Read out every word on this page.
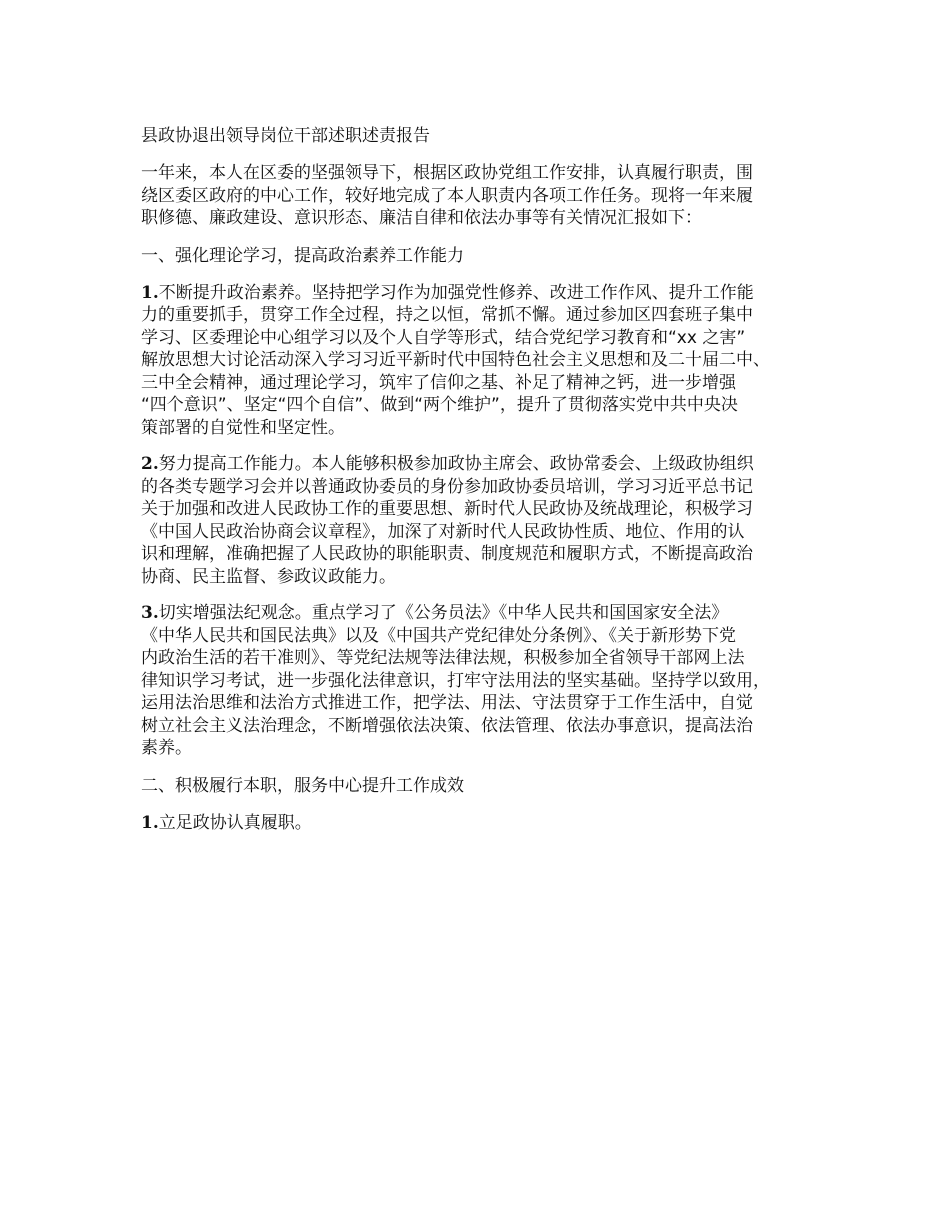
县政协退出领导岗位干部述职述责报告
一年来，本人在区委的坚强领导下，根据区政协党组工作安排，认真履行职责，围
绕区委区政府的中心工作，较好地完成了本人职责内各项工作任务。现将一年来履
职修德、廉政建设、意识形态、廉洁自律和依法办事等有关情况汇报如下：
一、强化理论学习，提高政治素养工作能力
1.不断提升政治素养。坚持把学习作为加强党性修养、改进工作作风、提升工作能
力的重要抓手，贯穿工作全过程，持之以恒，常抓不懈。通过参加区四套班子集中
学习、区委理论中心组学习以及个人自学等形式，结合党纪学习教育和“xx 之害”
解放思想大讨论活动深入学习习近平新时代中国特色社会主义思想和及二十届二中、
三中全会精神，通过理论学习，筑牢了信仰之基、补足了精神之钙，进一步增强
“四个意识”、坚定“四个自信”、做到“两个维护”，提升了贯彻落实党中共中央决
策部署的自觉性和坚定性。
2.努力提高工作能力。本人能够积极参加政协主席会、政协常委会、上级政协组织
的各类专题学习会并以普通政协委员的身份参加政协委员培训，学习习近平总书记
关于加强和改进人民政协工作的重要思想、新时代人民政协及统战理论，积极学习
《中国人民政治协商会议章程》，加深了对新时代人民政协性质、地位、作用的认
识和理解，准确把握了人民政协的职能职责、制度规范和履职方式，不断提高政治
协商、民主监督、参政议政能力。
3.切实增强法纪观念。重点学习了《公务员法》《中华人民共和国国家安全法》
《中华人民共和国民法典》以及《中国共产党纪律处分条例》、《关于新形势下党
内政治生活的若干准则》、等党纪法规等法律法规，积极参加全省领导干部网上法
律知识学习考试，进一步强化法律意识，打牢守法用法的坚实基础。坚持学以致用，
运用法治思维和法治方式推进工作，把学法、用法、守法贯穿于工作生活中，自觉
树立社会主义法治理念，不断增强依法决策、依法管理、依法办事意识，提高法治
素养。
二、积极履行本职，服务中心提升工作成效
1.立足政协认真履职。
